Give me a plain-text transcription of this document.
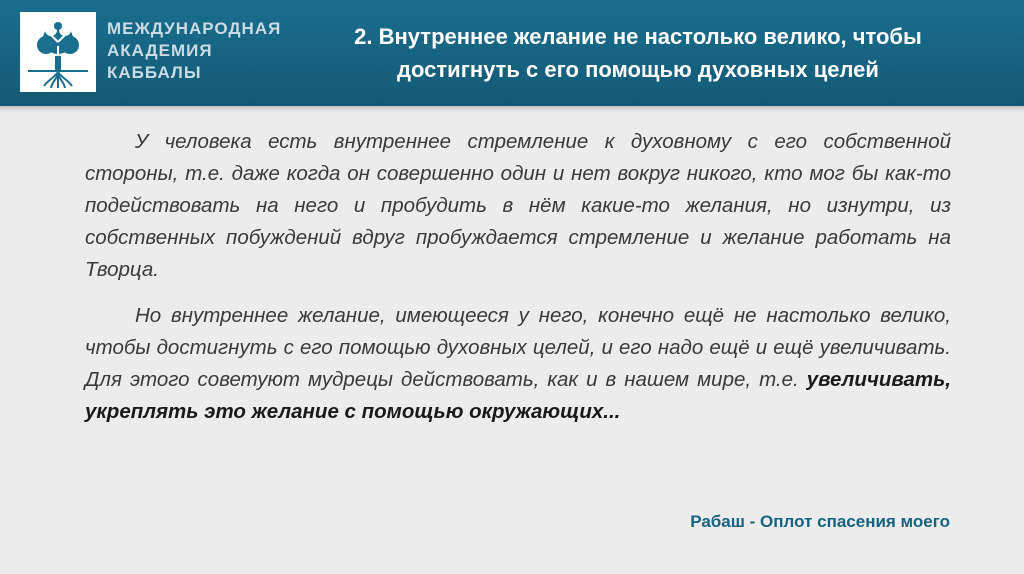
МЕЖДУНАРОДНАЯ
АКАДЕМИЯ
КАББАЛЫ
2. Внутреннее желание не настолько велико, чтобы
достигнуть с его помощью духовных целей

У человека есть внутреннее стремление к духовному с его собственной стороны, т.е. даже когда он совершенно один и нет вокруг никого, кто мог бы как-то подействовать на него и пробудить в нём какие-то желания, но изнутри, из собственных побуждений вдруг пробуждается стремление и желание работать на Творца.

Но внутреннее желание, имеющееся у него, конечно ещё не настолько велико, чтобы достигнуть с его помощью духовных целей, и его надо ещё и ещё увеличивать. Для этого советуют мудрецы действовать, как и в нашем мире, т.е. увеличивать, укреплять это желание с помощью окружающих...

Рабаш - Оплот спасения моего
